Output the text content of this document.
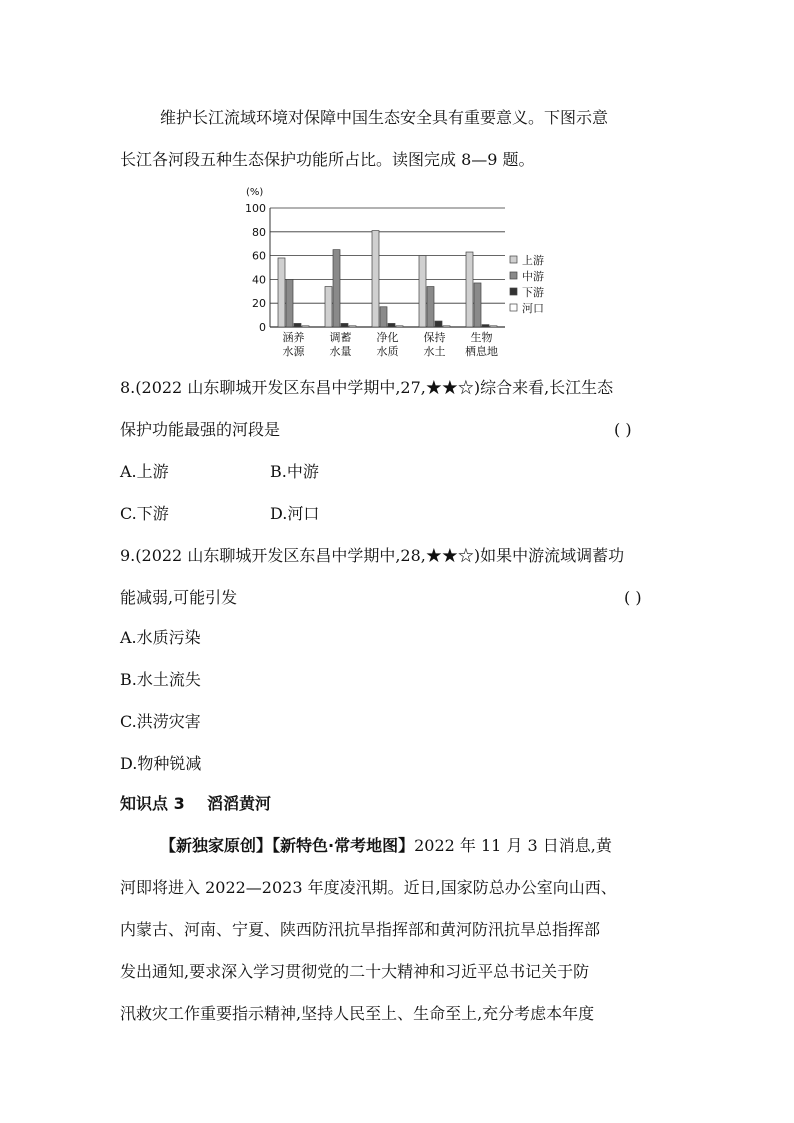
维护长江流域环境对保障中国生态安全具有重要意义。下图示意
长江各河段五种生态保护功能所占比。读图完成 8—9 题。
(%)
0
20
40
60
80
100
涵养
水源
调蓄
水量
净化
水质
保持
水土
生物
栖息地
上游
中游
下游
河口
8.(2022 山东聊城开发区东昌中学期中,27,★★☆)综合来看,长江生态
保护功能最强的河段是	( )
A.上游	B.中游
C.下游	D.河口
9.(2022 山东聊城开发区东昌中学期中,28,★★☆)如果中游流域调蓄功
能减弱,可能引发	( )
A.水质污染
B.水土流失
C.洪涝灾害
D.物种锐减
知识点 3    滔滔黄河
【新独家原创】【新特色·常考地图】2022 年 11 月 3 日消息,黄
河即将进入 2022—2023 年度凌汛期。近日,国家防总办公室向山西、
内蒙古、河南、宁夏、陕西防汛抗旱指挥部和黄河防汛抗旱总指挥部
发出通知,要求深入学习贯彻党的二十大精神和习近平总书记关于防
汛救灾工作重要指示精神,坚持人民至上、生命至上,充分考虑本年度
